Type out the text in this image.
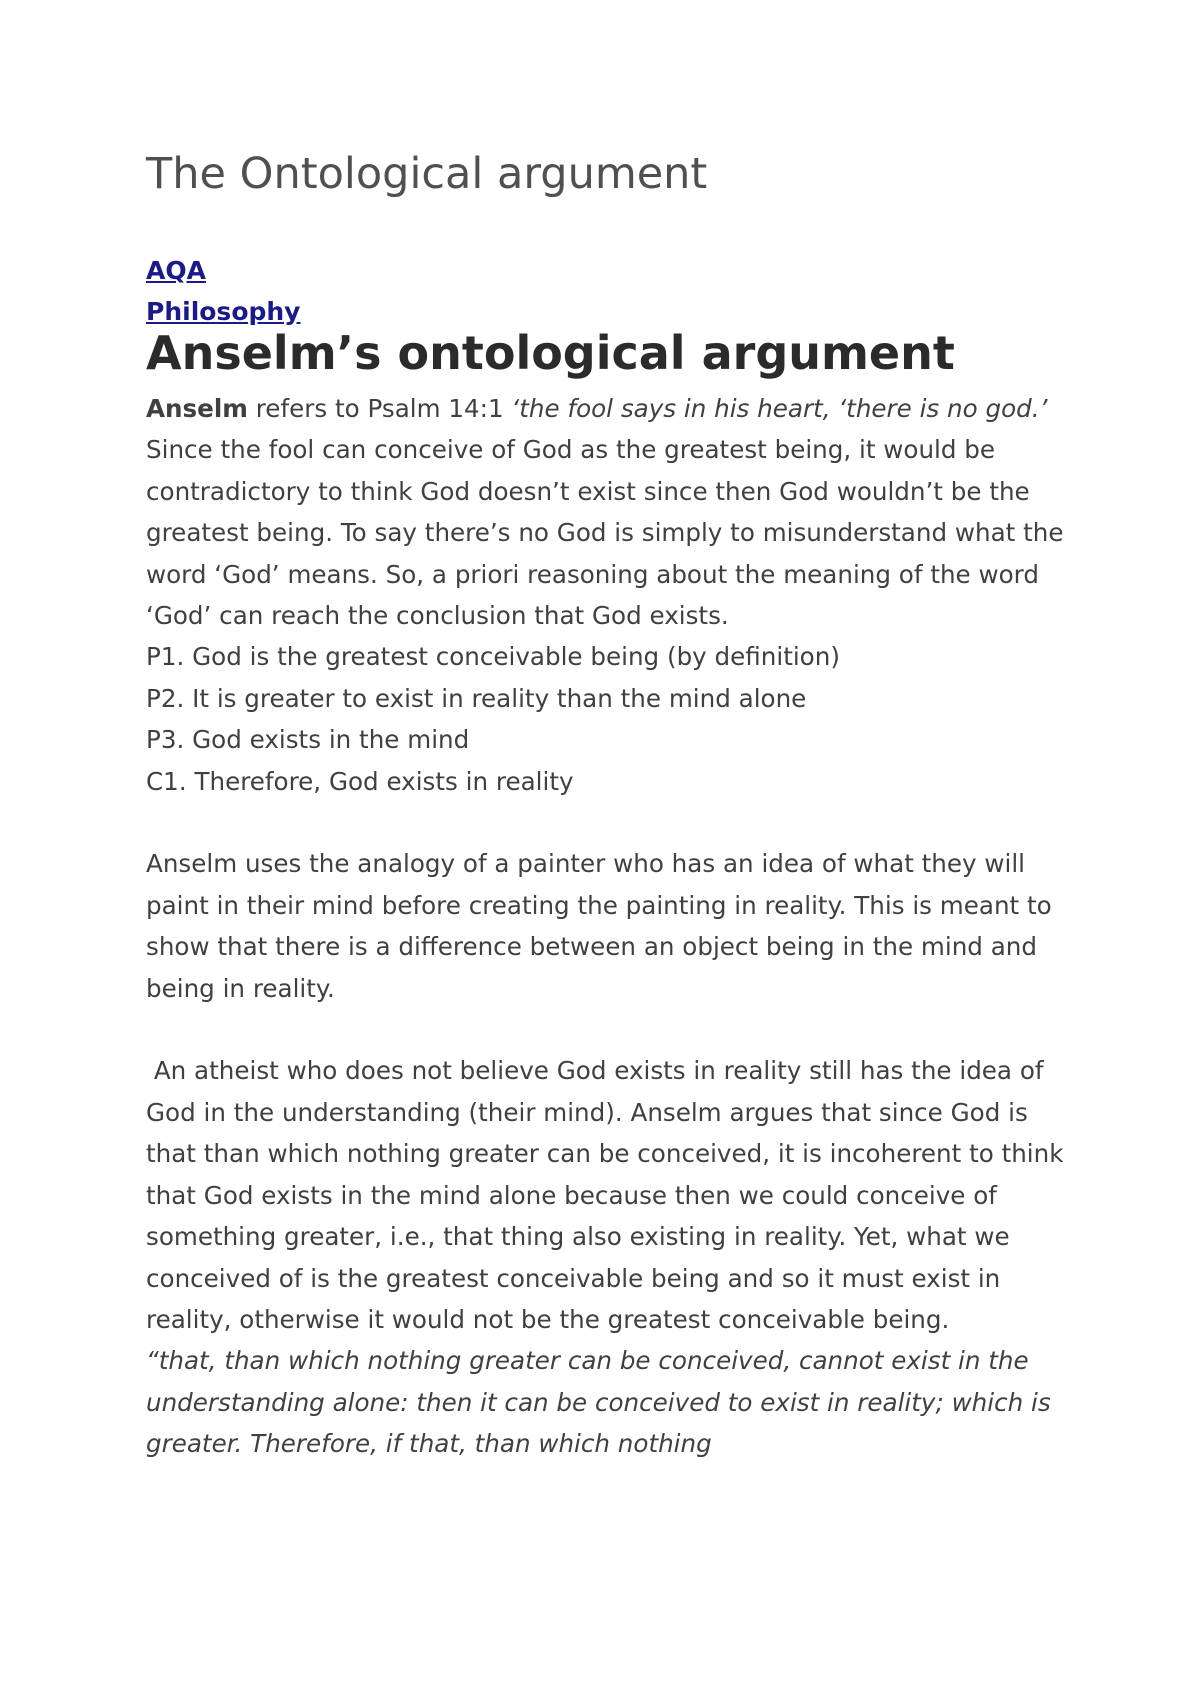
The Ontological argument
AQA
Philosophy
Anselm’s ontological argument

Anselm refers to Psalm 14:1 ‘the fool says in his heart, ‘there is no god.’ Since the fool can conceive of God as the greatest being, it would be contradictory to think God doesn’t exist since then God wouldn’t be the greatest being. To say there’s no God is simply to misunderstand what the word ‘God’ means. So, a priori reasoning about the meaning of the word ‘God’ can reach the conclusion that God exists.

P1. God is the greatest conceivable being (by definition)

P2. It is greater to exist in reality than the mind alone

P3. God exists in the mind

C1. Therefore, God exists in reality

Anselm uses the analogy of a painter who has an idea of what they will paint in their mind before creating the painting in reality. This is meant to show that there is a difference between an object being in the mind and being in reality.

An atheist who does not believe God exists in reality still has the idea of God in the understanding (their mind). Anselm argues that since God is that than which nothing greater can be conceived, it is incoherent to think that God exists in the mind alone because then we could conceive of something greater, i.e., that thing also existing in reality. Yet, what we conceived of is the greatest conceivable being and so it must exist in reality, otherwise it would not be the greatest conceivable being.

“that, than which nothing greater can be conceived, cannot exist in the understanding alone: then it can be conceived to exist in reality; which is greater. Therefore, if that, than which nothing
